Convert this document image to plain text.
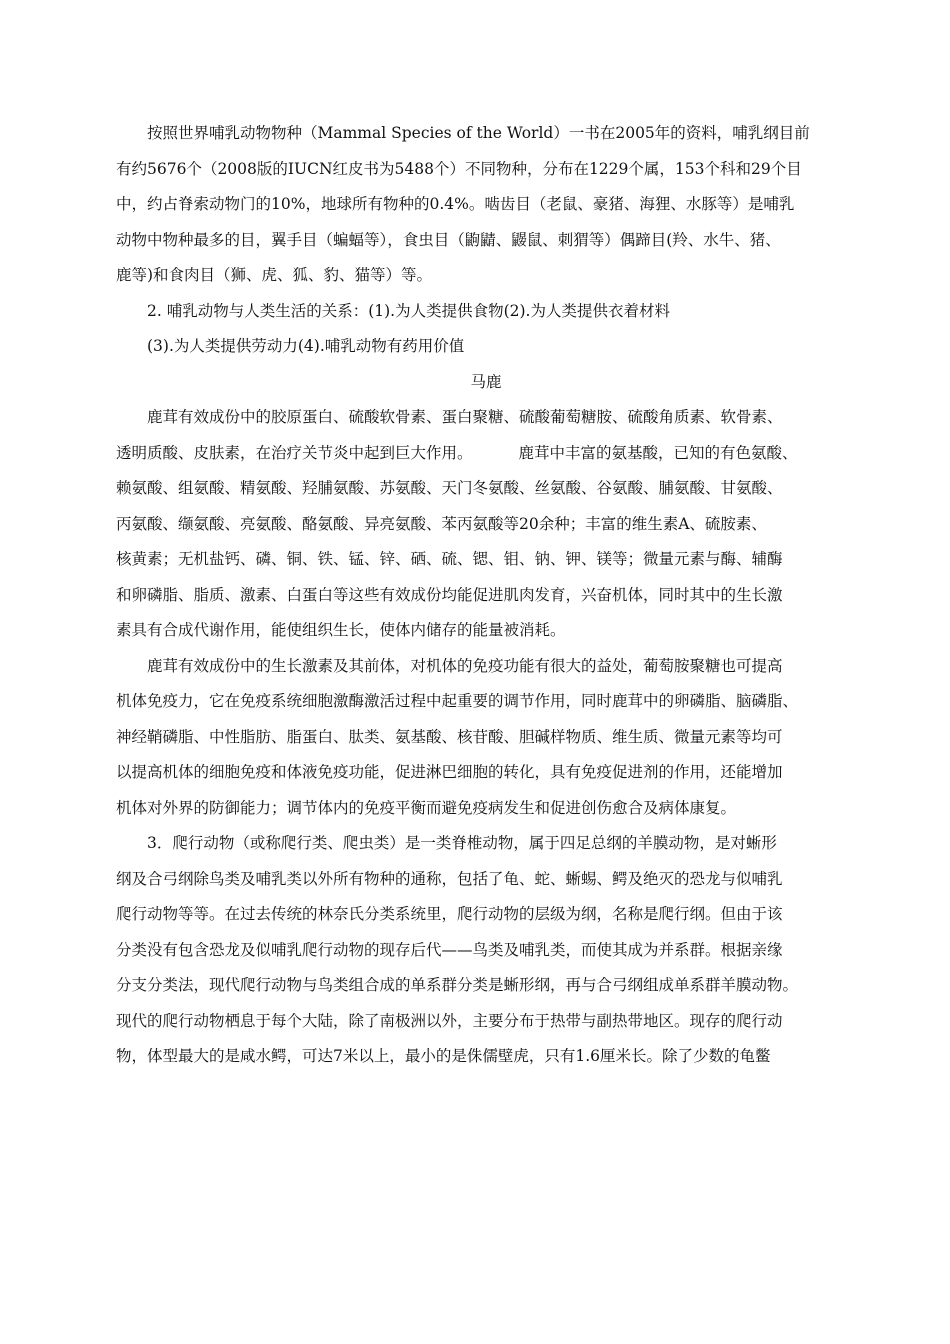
按照世界哺乳动物物种（Mammal Species of the World）一书在2005年的资料，哺乳纲目前
有约5676个（2008版的IUCN红皮书为5488个）不同物种，分布在1229个属，153个科和29个目
中，约占脊索动物门的10%，地球所有物种的0.4%。啮齿目（老鼠、豪猪、海狸、水豚等）是哺乳
动物中物种最多的目，翼手目（蝙蝠等），食虫目（鼩鼱、鼹鼠、刺猬等）偶蹄目(羚、水牛、猪、
鹿等)和食肉目（狮、虎、狐、豹、猫等）等。

2. 哺乳动物与人类生活的关系：(1).为人类提供食物(2).为人类提供衣着材料
(3).为人类提供劳动力(4).哺乳动物有药用价值

马鹿

鹿茸有效成份中的胶原蛋白、硫酸软骨素、蛋白聚糖、硫酸葡萄糖胺、硫酸角质素、软骨素、
透明质酸、皮肤素，在治疗关节炎中起到巨大作用。	鹿茸中丰富的氨基酸，已知的有色氨酸、
赖氨酸、组氨酸、精氨酸、羟脯氨酸、苏氨酸、天门冬氨酸、丝氨酸、谷氨酸、脯氨酸、甘氨酸、
丙氨酸、缬氨酸、亮氨酸、酪氨酸、异亮氨酸、苯丙氨酸等20余种；丰富的维生素A、硫胺素、
核黄素；无机盐钙、磷、铜、铁、锰、锌、硒、硫、锶、钼、钠、钾、镁等；微量元素与酶、辅酶
和卵磷脂、脂质、激素、白蛋白等这些有效成份均能促进肌肉发育，兴奋机体，同时其中的生长激
素具有合成代谢作用，能使组织生长，使体内储存的能量被消耗。

鹿茸有效成份中的生长激素及其前体，对机体的免疫功能有很大的益处，葡萄胺聚糖也可提高
机体免疫力，它在免疫系统细胞激酶激活过程中起重要的调节作用，同时鹿茸中的卵磷脂、脑磷脂、
神经鞘磷脂、中性脂肪、脂蛋白、肽类、氨基酸、核苷酸、胆碱样物质、维生质、微量元素等均可
以提高机体的细胞免疫和体液免疫功能，促进淋巴细胞的转化，具有免疫促进剂的作用，还能增加
机体对外界的防御能力；调节体内的免疫平衡而避免疫病发生和促进创伤愈合及病体康复。

3．爬行动物（或称爬行类、爬虫类）是一类脊椎动物，属于四足总纲的羊膜动物，是对蜥形
纲及合弓纲除鸟类及哺乳类以外所有物种的通称，包括了龟、蛇、蜥蜴、鳄及绝灭的恐龙与似哺乳
爬行动物等等。在过去传统的林奈氏分类系统里，爬行动物的层级为纲，名称是爬行纲。但由于该
分类没有包含恐龙及似哺乳爬行动物的现存后代——鸟类及哺乳类，而使其成为并系群。根据亲缘
分支分类法，现代爬行动物与鸟类组合成的单系群分类是蜥形纲，再与合弓纲组成单系群羊膜动物。
现代的爬行动物栖息于每个大陆，除了南极洲以外，主要分布于热带与副热带地区。现存的爬行动
物，体型最大的是咸水鳄，可达7米以上，最小的是侏儒壁虎，只有1.6厘米长。除了少数的龟鳖
